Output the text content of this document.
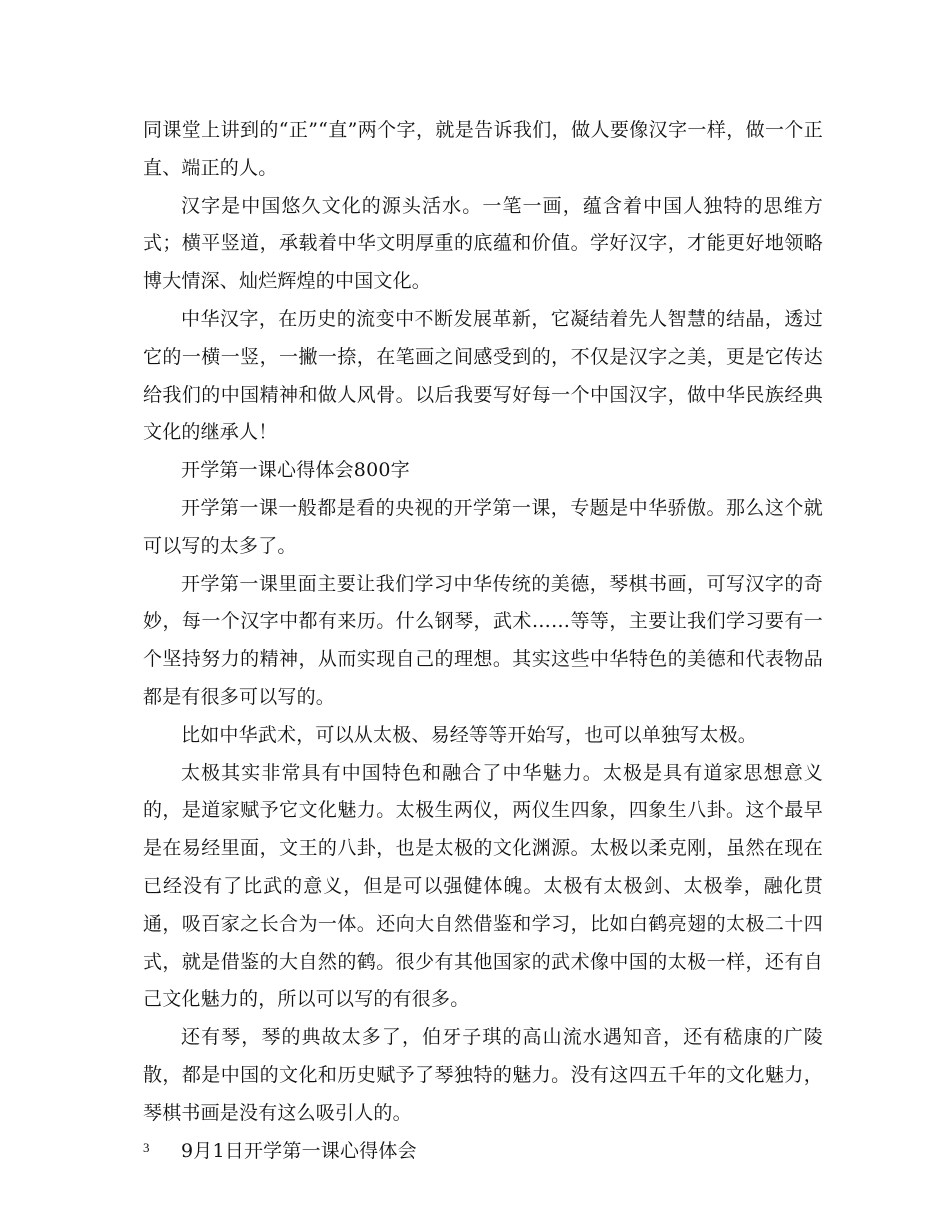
同课堂上讲到的“正”“直”两个字，就是告诉我们，做人要像汉字一样，做一个正直、端正的人。

汉字是中国悠久文化的源头活水。一笔一画，蕴含着中国人独特的思维方式；横平竖道，承载着中华文明厚重的底蕴和价值。学好汉字，才能更好地领略博大情深、灿烂辉煌的中国文化。

中华汉字，在历史的流变中不断发展革新，它凝结着先人智慧的结晶，透过它的一横一竖，一撇一捺，在笔画之间感受到的，不仅是汉字之美，更是它传达给我们的中国精神和做人风骨。以后我要写好每一个中国汉字，做中华民族经典文化的继承人！

开学第一课心得体会800字

开学第一课一般都是看的央视的开学第一课，专题是中华骄傲。那么这个就可以写的太多了。

开学第一课里面主要让我们学习中华传统的美德，琴棋书画，可写汉字的奇妙，每一个汉字中都有来历。什么钢琴，武术……等等，主要让我们学习要有一个坚持努力的精神，从而实现自己的理想。其实这些中华特色的美德和代表物品都是有很多可以写的。

比如中华武术，可以从太极、易经等等开始写，也可以单独写太极。

太极其实非常具有中国特色和融合了中华魅力。太极是具有道家思想意义的，是道家赋予它文化魅力。太极生两仪，两仪生四象，四象生八卦。这个最早是在易经里面，文王的八卦，也是太极的文化渊源。太极以柔克刚，虽然在现在已经没有了比武的意义，但是可以强健体魄。太极有太极剑、太极拳，融化贯通，吸百家之长合为一体。还向大自然借鉴和学习，比如白鹤亮翅的太极二十四式，就是借鉴的大自然的鹤。很少有其他国家的武术像中国的太极一样，还有自己文化魅力的，所以可以写的有很多。

还有琴，琴的典故太多了，伯牙子琪的高山流水遇知音，还有嵇康的广陵散，都是中国的文化和历史赋予了琴独特的魅力。没有这四五千年的文化魅力，琴棋书画是没有这么吸引人的。

9月1日开学第一课心得体会

3
